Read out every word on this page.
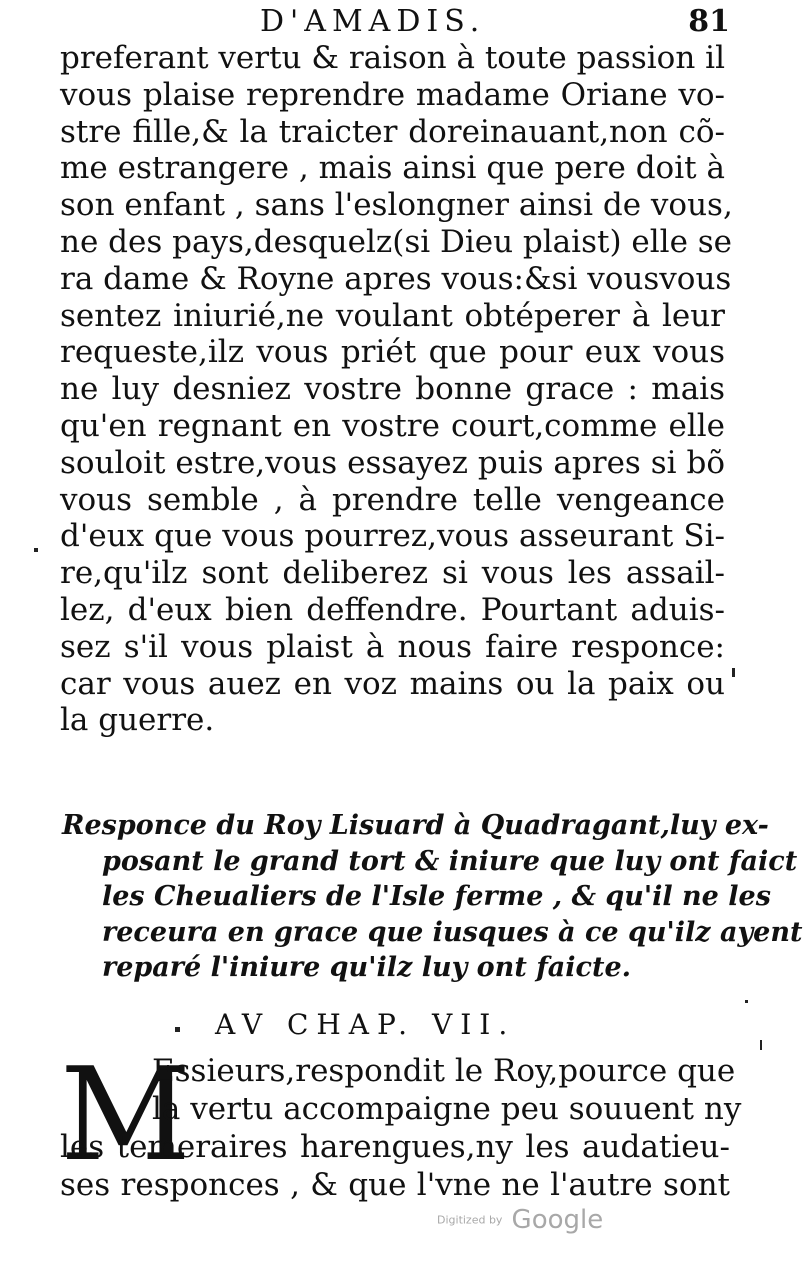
D'AMADIS.	81
preferant vertu & raison à toute passion il
vous plaise reprendre madame Oriane vo-
stre fille,& la traicter doreinauant,non cõ-
me estrangere , mais ainsi que pere doit à
son enfant , sans l'eslongner ainsi de vous,
ne des pays,desquelz(si Dieu plaist) elle se
ra dame & Royne apres vous:&si vousvous
sentez iniurié,ne voulant obtéperer à leur
requeste,ilz vous priét que pour eux vous
ne luy desniez vostre bonne grace : mais
qu'en regnant en vostre court,comme elle
souloit estre,vous essayez puis apres si bõ
vous semble , à prendre telle vengeance
d'eux que vous pourrez,vous asseurant Si-
re,qu'ilz sont deliberez si vous les assail-
lez, d'eux bien deffendre. Pourtant aduis-
sez s'il vous plaist à nous faire responce:
car vous auez en voz mains ou la paix ou
la guerre.
Responce du Roy Lisuard à Quadragant,luy ex-
posant le grand tort & iniure que luy ont faict
les Cheualiers de l'Isle ferme , & qu'il ne les
receura en grace que iusques à ce qu'ilz ayent
reparé l'iniure qu'ilz luy ont faicte.
AV CHAP. VII.
M
Essieurs,respondit le Roy,pource que
la vertu accompaigne peu souuent ny
les temeraires harengues,ny les audatieu-
ses responces , & que l'vne ne l'autre sont
Digitized by Google
